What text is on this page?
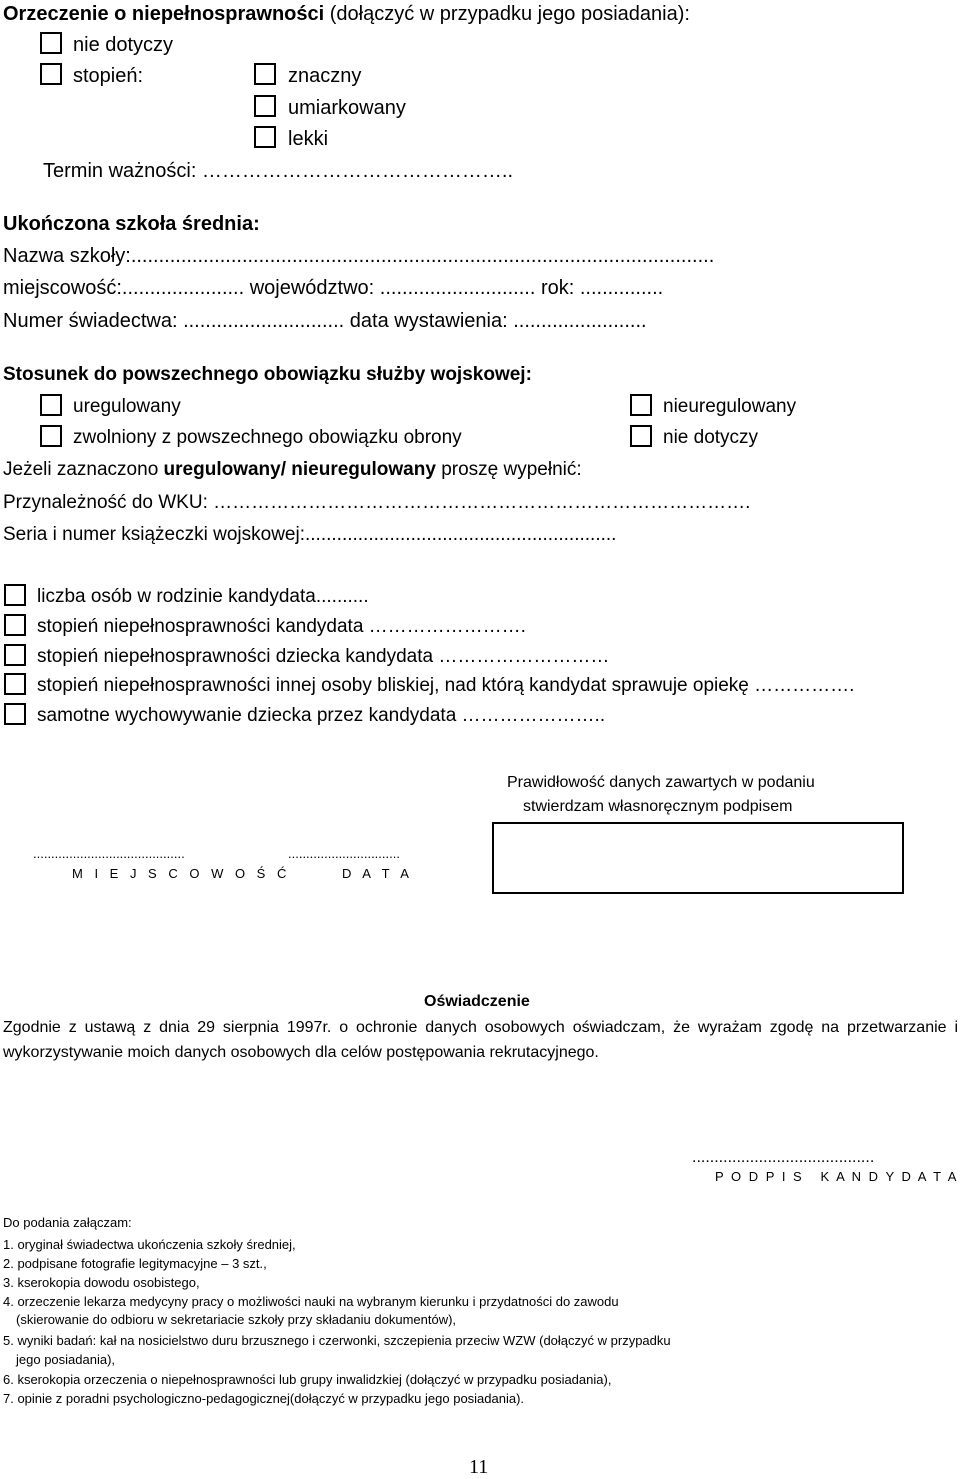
Orzeczenie o niepełnosprawności (dołączyć w przypadku jego posiadania):
nie dotyczy
stopień:	znaczny
umiarkowany
lekki
Termin ważności: ………………………………………..
Ukończona szkoła średnia:
Nazwa szkoły:.........................................................................................................
miejscowość:...................... województwo: ............................ rok: ...............
Numer świadectwa: ............................. data wystawienia: ........................
Stosunek do powszechnego obowiązku służby wojskowej:
uregulowany	nieuregulowany
zwolniony z powszechnego obowiązku obrony	nie dotyczy
Jeżeli zaznaczono uregulowany/ nieuregulowany proszę wypełnić:
Przynależność do WKU: ………………………………………………………………………….
Seria i numer książeczki wojskowej:...........................................................
liczba osób w rodzinie kandydata..........
stopień niepełnosprawności kandydata …………………….
stopień niepełnosprawności dziecka kandydata ………………………
stopień niepełnosprawności innej osoby bliskiej, nad którą kandydat sprawuje opiekę …………….
samotne wychowywanie dziecka przez kandydata …………………..
Prawidłowość danych zawartych w podaniu
stwierdzam własnoręcznym podpisem
..........................................
M I E J S C O W O Ś Ć
...............................
D A T A
Oświadczenie
Zgodnie z ustawą z dnia 29 sierpnia 1997r. o ochronie danych osobowych oświadczam, że wyrażam zgodę na przetwarzanie i wykorzystywanie moich danych osobowych dla celów postępowania rekrutacyjnego.
.........................................
P O D P I S   K A N D Y D A T A
Do podania załączam:
1. oryginał świadectwa ukończenia szkoły średniej,
2. podpisane fotografie legitymacyjne – 3 szt.,
3. kserokopia dowodu osobistego,
4. orzeczenie lekarza medycyny pracy o możliwości nauki na wybranym kierunku i przydatności do zawodu
(skierowanie do odbioru w sekretariacie szkoły przy składaniu dokumentów),
5. wyniki badań: kał na nosicielstwo duru brzusznego i czerwonki, szczepienia przeciw WZW (dołączyć w przypadku
jego posiadania),
6. kserokopia orzeczenia o niepełnosprawności lub grupy inwalidzkiej (dołączyć w przypadku posiadania),
7. opinie z poradni psychologiczno-pedagogicznej(dołączyć w przypadku jego posiadania).
11
